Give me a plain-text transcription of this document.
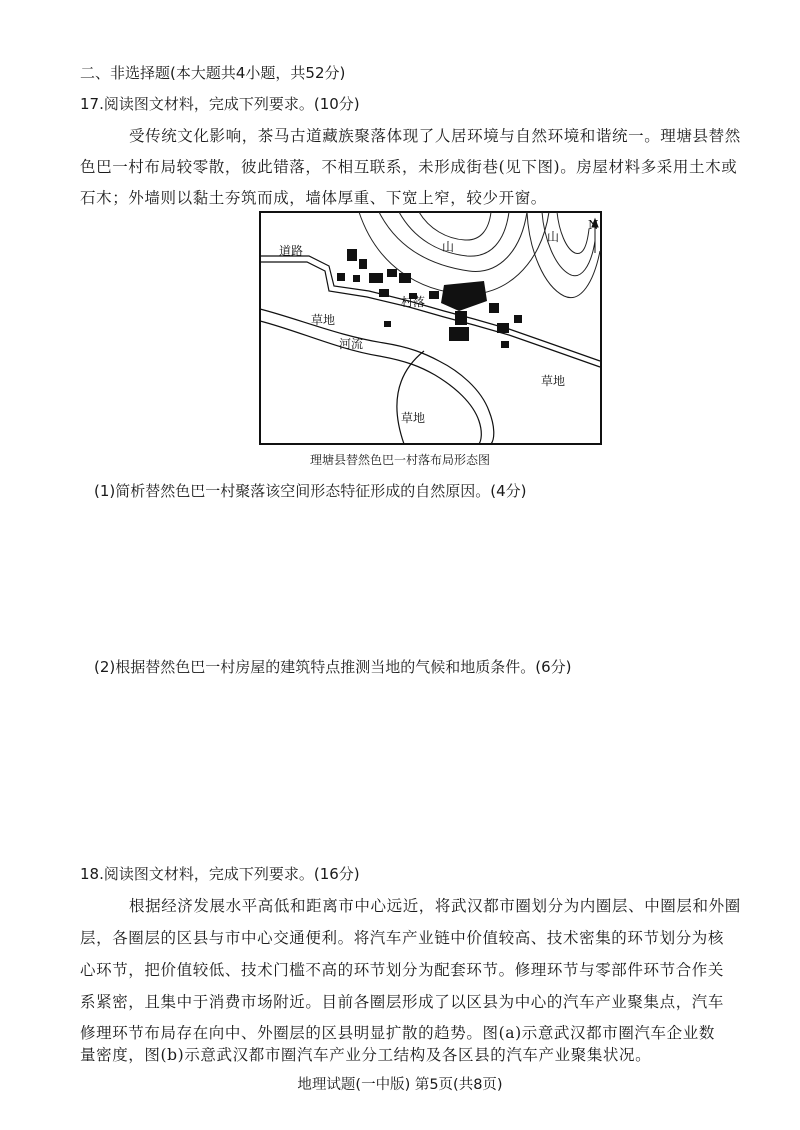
二、非选择题(本大题共4小题，共52分)
17.阅读图文材料，完成下列要求。(10分)
受传统文化影响，茶马古道藏族聚落体现了人居环境与自然环境和谐统一。理塘县替然
色巴一村布局较零散，彼此错落，不相互联系，未形成街巷(见下图)。房屋材料多采用土木或
石木；外墙则以黏土夯筑而成，墙体厚重、下宽上窄，较少开窗。
N
道路	山
山
村落
草地
河流
草地
草地
理塘县替然色巴一村落布局形态图
(1)简析替然色巴一村聚落该空间形态特征形成的自然原因。(4分)
(2)根据替然色巴一村房屋的建筑特点推测当地的气候和地质条件。(6分)
18.阅读图文材料，完成下列要求。(16分)
根据经济发展水平高低和距离市中心远近，将武汉都市圈划分为内圈层、中圈层和外圈
层，各圈层的区县与市中心交通便利。将汽车产业链中价值较高、技术密集的环节划分为核
心环节，把价值较低、技术门槛不高的环节划分为配套环节。修理环节与零部件环节合作关
系紧密，且集中于消费市场附近。目前各圈层形成了以区县为中心的汽车产业聚集点，汽车
修理环节布局存在向中、外圈层的区县明显扩散的趋势。图(a)示意武汉都市圈汽车企业数
量密度，图(b)示意武汉都市圈汽车产业分工结构及各区县的汽车产业聚集状况。
地理试题(一中版) 第5页(共8页)
